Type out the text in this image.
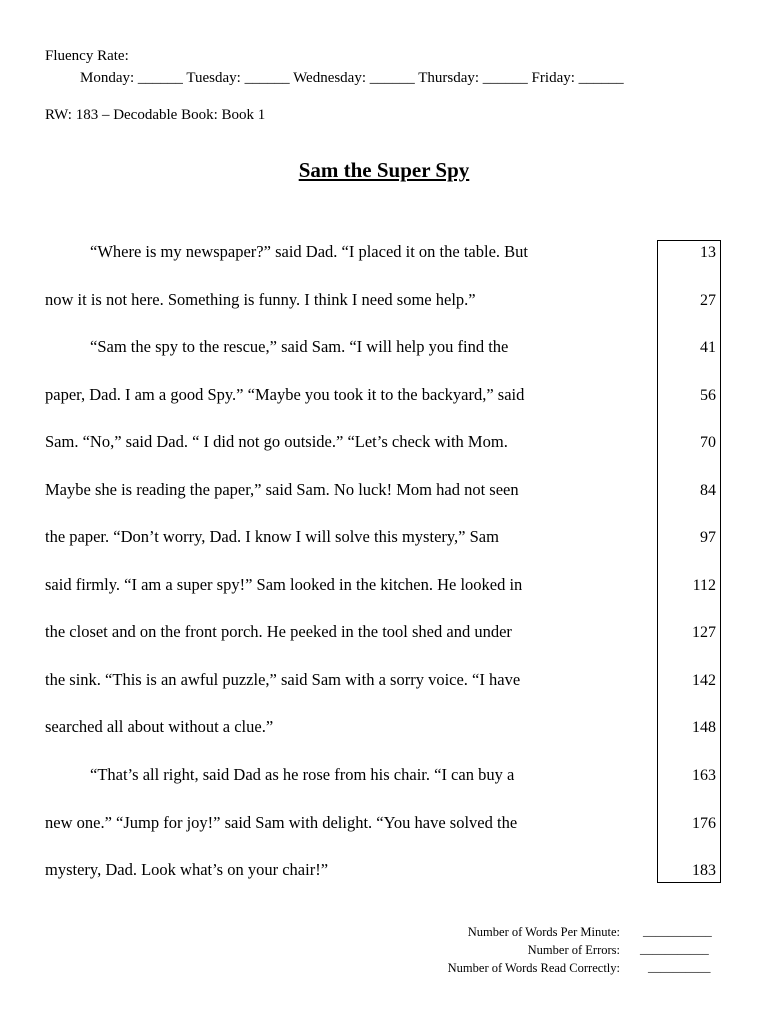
Fluency Rate:
Monday: ______ Tuesday: ______ Wednesday: ______ Thursday: ______ Friday: ______
RW: 183 – Decodable Book: Book 1
Sam the Super Spy
“Where is my newspaper?” said Dad. “I placed it on the table. But
now it is not here. Something is funny. I think I need some help.”
“Sam the spy to the rescue,” said Sam. “I will help you find the
paper, Dad. I am a good Spy.” “Maybe you took it to the backyard,” said
Sam. “No,” said Dad. “ I did not go outside.” “Let’s check with Mom.
Maybe she is reading the paper,” said Sam. No luck! Mom had not seen
the paper. “Don’t worry, Dad. I know I will solve this mystery,” Sam
said firmly. “I am a super spy!” Sam looked in the kitchen. He looked in
the closet and on the front porch. He peeked in the tool shed and under
the sink. “This is an awful puzzle,” said Sam with a sorry voice. “I have
searched all about without a clue.”
“That’s all right, said Dad as he rose from his chair. “I can buy a
new one.” “Jump for joy!” said Sam with delight. “You have solved the
mystery, Dad. Look what’s on your chair!”
13
27
41
56
70
84
97
112
127
142
148
163
176
183
Number of Words Per Minute: ___________
Number of Errors: ___________
Number of Words Read Correctly: __________
